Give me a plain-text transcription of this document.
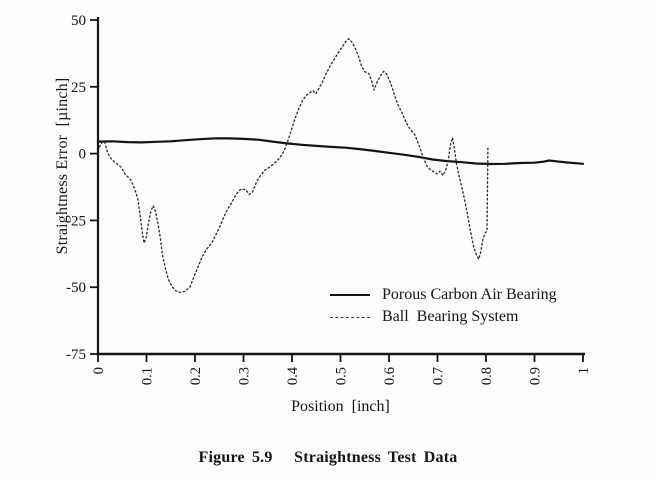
50
25
0
-25
-50
-75
0 0.1 0.2 0.3 0.4 0.5 0.6 0.7 0.8 0.9 1
Straightness Error  [µinch]
Position  [inch]
Porous Carbon Air Bearing
Ball  Bearing System
Figure 5.9   Straightness Test Data
